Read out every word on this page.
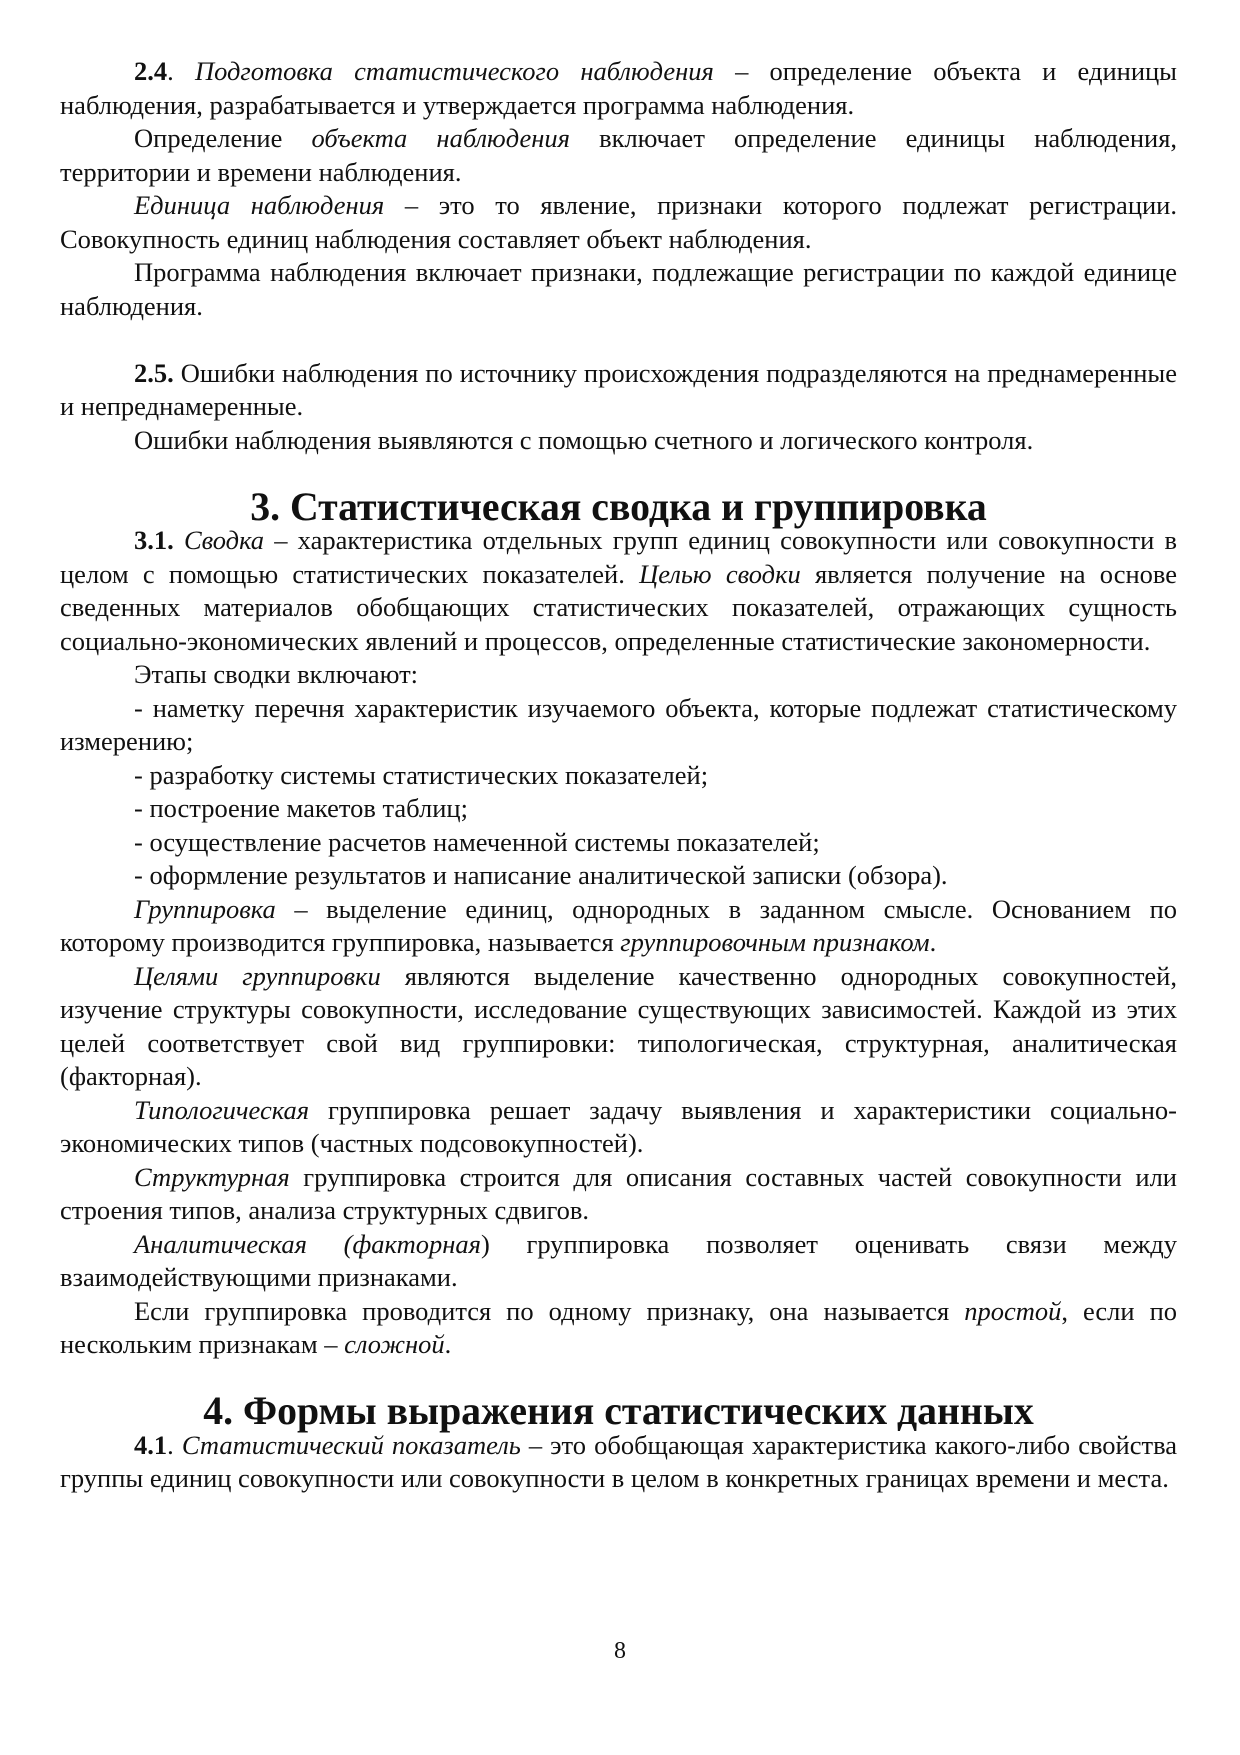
2.4. Подготовка статистического наблюдения – определение объекта и единицы наблюдения, разрабатывается и утверждается программа наблюдения.

Определение объекта наблюдения включает определение единицы наблюдения, территории и времени наблюдения.

Единица наблюдения – это то явление, признаки которого подлежат регистрации. Совокупность единиц наблюдения составляет объект наблюдения.

Программа наблюдения включает признаки, подлежащие регистрации по каждой единице наблюдения.

2.5. Ошибки наблюдения по источнику происхождения подразделяются на преднамеренные и непреднамеренные.

Ошибки наблюдения выявляются с помощью счетного и логического контроля.

3. Статистическая сводка и группировка

3.1. Сводка – характеристика отдельных групп единиц совокупности или совокупности в целом с помощью статистических показателей. Целью сводки является получение на основе сведенных материалов обобщающих статистических показателей, отражающих сущность социально-экономических явлений и процессов, определенные статистические закономерности.

Этапы сводки включают:

- наметку перечня характеристик изучаемого объекта, которые подлежат статистическому измерению;

- разработку системы статистических показателей;

- построение макетов таблиц;

- осуществление расчетов намеченной системы показателей;

- оформление результатов и написание аналитической записки (обзора).

Группировка – выделение единиц, однородных в заданном смысле. Основанием по которому производится группировка, называется группировочным признаком.

Целями группировки являются выделение качественно однородных совокупностей, изучение структуры совокупности, исследование существующих зависимостей. Каждой из этих целей соответствует свой вид группировки: типологическая, структурная, аналитическая (факторная).

Типологическая группировка решает задачу выявления и характеристики социально-экономических типов (частных подсовокупностей).

Структурная группировка строится для описания составных частей совокупности или строения типов, анализа структурных сдвигов.

Аналитическая (факторная) группировка позволяет оценивать связи между взаимодействующими признаками.

Если группировка проводится по одному признаку, она называется простой, если по нескольким признакам – сложной.

4. Формы выражения статистических данных

4.1. Статистический показатель – это обобщающая характеристика какого-либо свойства группы единиц совокупности или совокупности в целом в конкретных границах времени и места.

8
